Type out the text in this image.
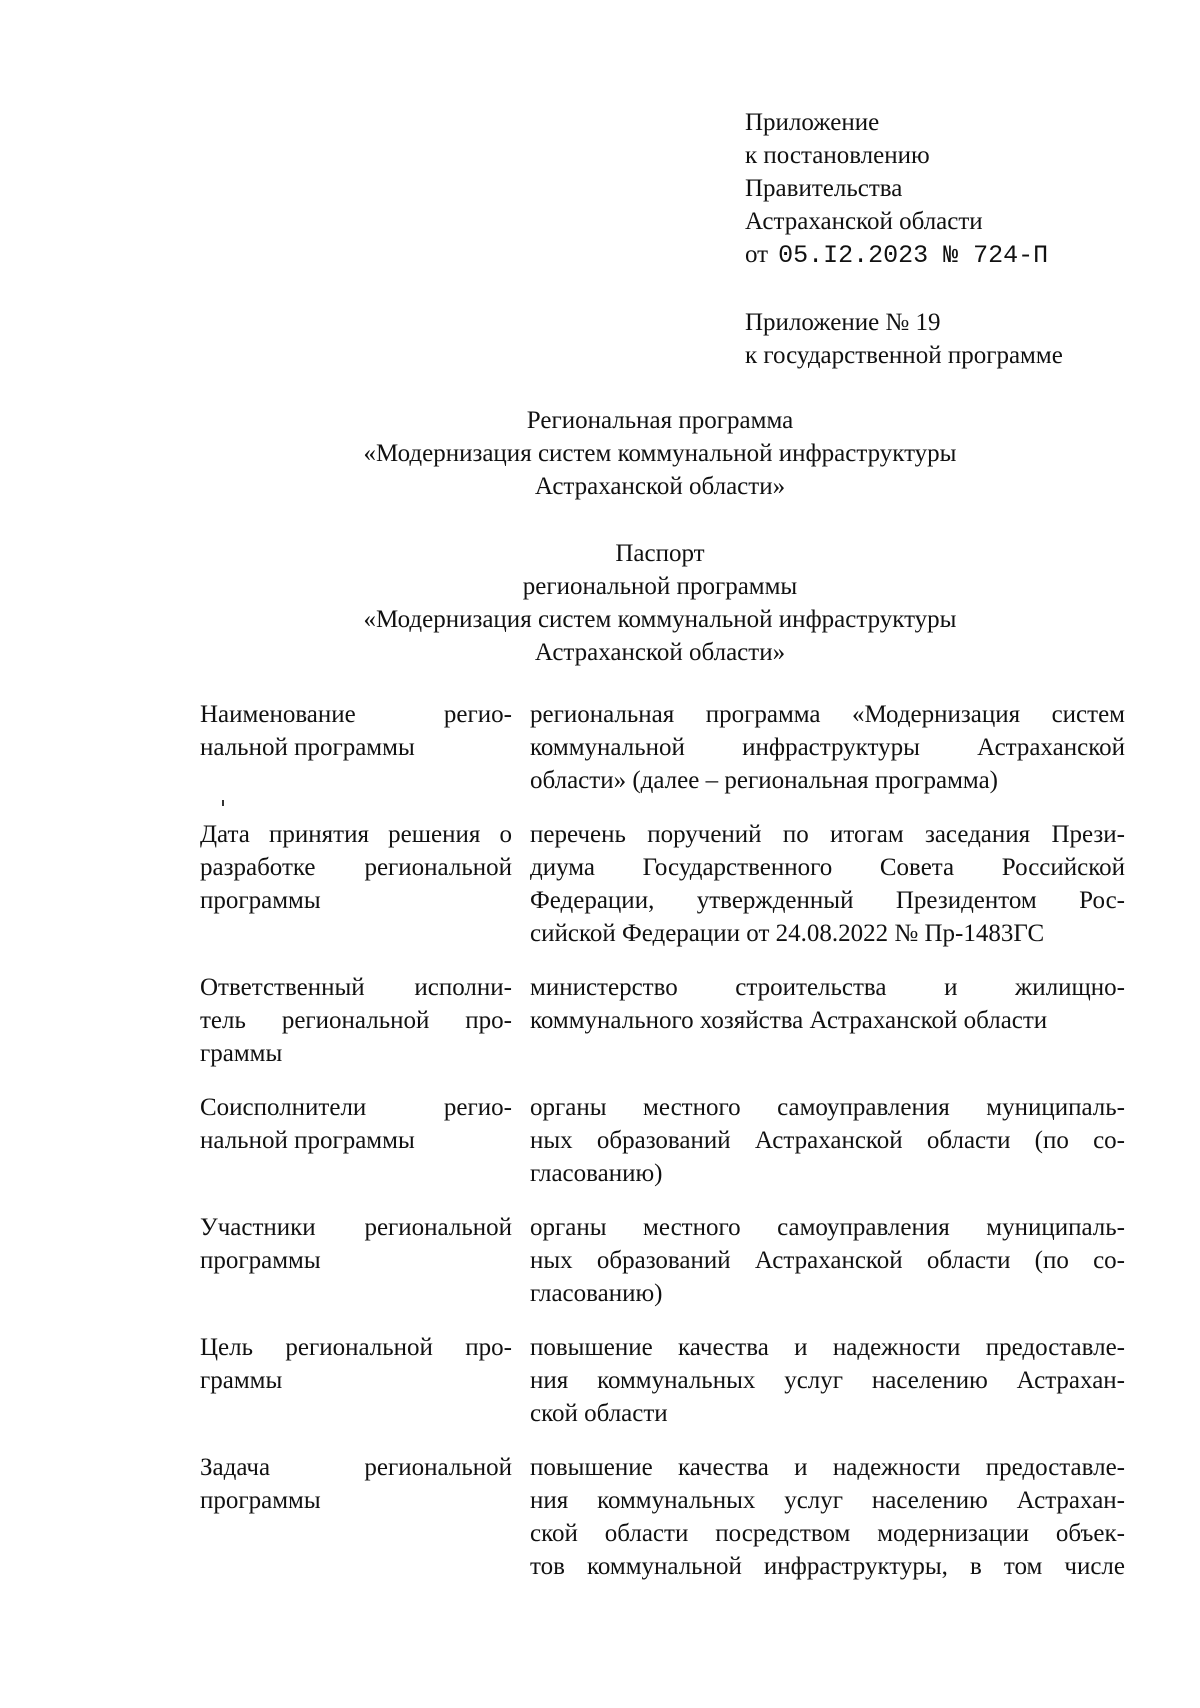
Приложение
к постановлению
Правительства
Астраханской области
от 05.I2.2023 № 724-П
Приложение № 19
к государственной программе
Региональная программа
«Модернизация систем коммунальной инфраструктуры
Астраханской области»
Паспорт
региональной программы
«Модернизация систем коммунальной инфраструктуры
Астраханской области»
Наименование регио-
нальной программы
региональная программа «Модернизация систем
коммунальной инфраструктуры Астраханской
области» (далее – региональная программа)
Дата принятия решения о
разработке региональной
программы
перечень поручений по итогам заседания Прези-
диума Государственного Совета Российской
Федерации, утвержденный Президентом Рос-
сийской Федерации от 24.08.2022 № Пр-1483ГС
Ответственный исполни-
тель региональной про-
граммы
министерство строительства и жилищно-
коммунального хозяйства Астраханской области
Соисполнители регио-
нальной программы
органы местного самоуправления муниципаль-
ных образований Астраханской области (по со-
гласованию)
Участники региональной
программы
органы местного самоуправления муниципаль-
ных образований Астраханской области (по со-
гласованию)
Цель региональной про-
граммы
повышение качества и надежности предоставле-
ния коммунальных услуг населению Астрахан-
ской области
Задача региональной
программы
повышение качества и надежности предоставле-
ния коммунальных услуг населению Астрахан-
ской области посредством модернизации объек-
тов коммунальной инфраструктуры, в том числе
